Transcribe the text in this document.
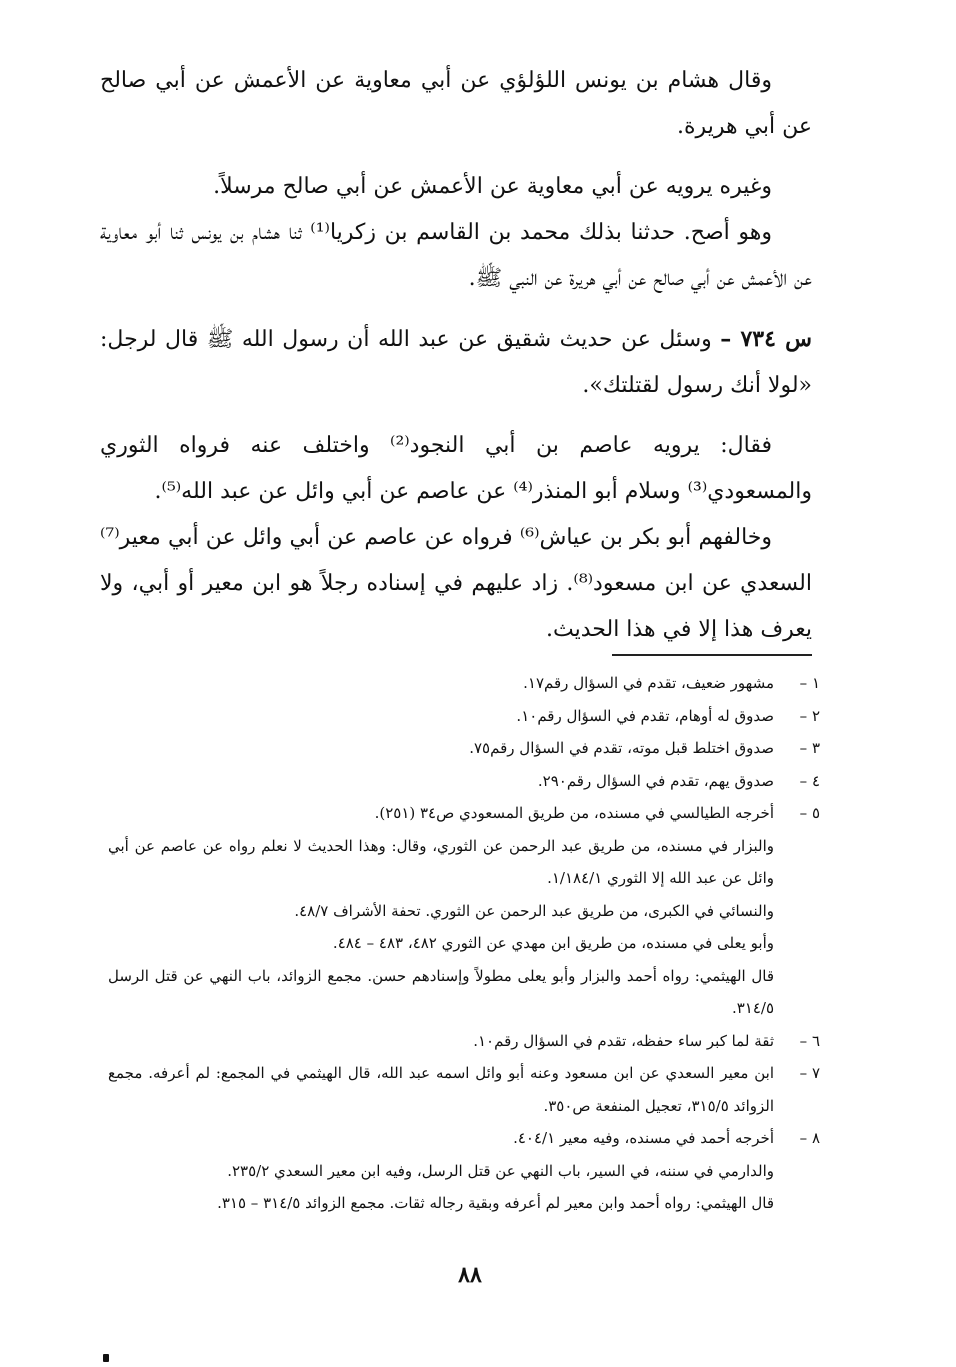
وقال هشام بن يونس اللؤلؤي عن أبي معاوية عن الأعمش عن أبي صالح عن أبي هريرة.

وغيره يرويه عن أبي معاوية عن الأعمش عن أبي صالح مرسلاً.

وهو أصح. حدثنا بذلك محمد بن القاسم بن زكريا⁽¹⁾ ثنا هشام بن يونس ثنا أبو معاوية عن الأعمش عن أبي صالح عن أبي هريرة عن النبي ﷺ.

س ٧٣٤ – وسئل عن حديث شقيق عن عبد الله أن رسول الله ﷺ قال لرجل: «لولا أنك رسول لقتلتك».

فقال: يرويه عاصم بن أبي النجود⁽²⁾ واختلف عنه فرواه الثوري والمسعودي⁽³⁾ وسلام أبو المنذر⁽⁴⁾ عن عاصم عن أبي وائل عن عبد الله⁽⁵⁾.

وخالفهم أبو بكر بن عياش⁽⁶⁾ فرواه عن عاصم عن أبي وائل عن أبي معير⁽⁷⁾ السعدي عن ابن مسعود⁽⁸⁾. زاد عليهم في إسناده رجلاً هو ابن معير أو أبي، ولا يعرف هذا إلا في هذا الحديث.

١ –
مشهور ضعيف، تقدم في السؤال رقم١٧.
٢ –
صدوق له أوهام، تقدم في السؤال رقم١٠.
٣ –
صدوق اختلط قبل موته، تقدم في السؤال رقم٧٥.
٤ –
صدوق يهم، تقدم في السؤال رقم٢٩٠.
٥ –
أخرجه الطيالسي في مسنده، من طريق المسعودي ص٣٤ (٢٥١).
والبزار في مسنده، من طريق عبد الرحمن عن الثوري، وقال: وهذا الحديث لا نعلم رواه عن عاصم عن أبي وائل عن عبد الله إلا الثوري ١/١٨٤/١.
والنسائي في الكبرى، من طريق عبد الرحمن عن الثوري. تحفة الأشراف ٤٨/٧.
وأبو يعلى في مسنده، من طريق ابن مهدي عن الثوري ٤٨٢، ٤٨٣ – ٤٨٤.
قال الهيثمي: رواه أحمد والبزار وأبو يعلى مطولاً وإسنادهم حسن. مجمع الزوائد، باب النهي عن قتل الرسل ٣١٤/٥.
٦ –
ثقة لما كبر ساء حفظه، تقدم في السؤال رقم١٠.
٧ –
ابن معير السعدي عن ابن مسعود وعنه أبو وائل اسمه عبد الله، قال الهيثمي في المجمع: لم أعرفه. مجمع الزوائد ٣١٥/٥، تعجيل المنفعة ص٣٥٠.
٨ –
أخرجه أحمد في مسنده، وفيه معير ٤٠٤/١.
والدارمي في سننه، في السير، باب النهي عن قتل الرسل، وفيه ابن معير السعدي ٢٣٥/٢.
قال الهيثمي: رواه أحمد وابن معير لم أعرفه وبقية رجاله ثقات. مجمع الزوائد ٣١٤/٥ – ٣١٥.
٨٨
